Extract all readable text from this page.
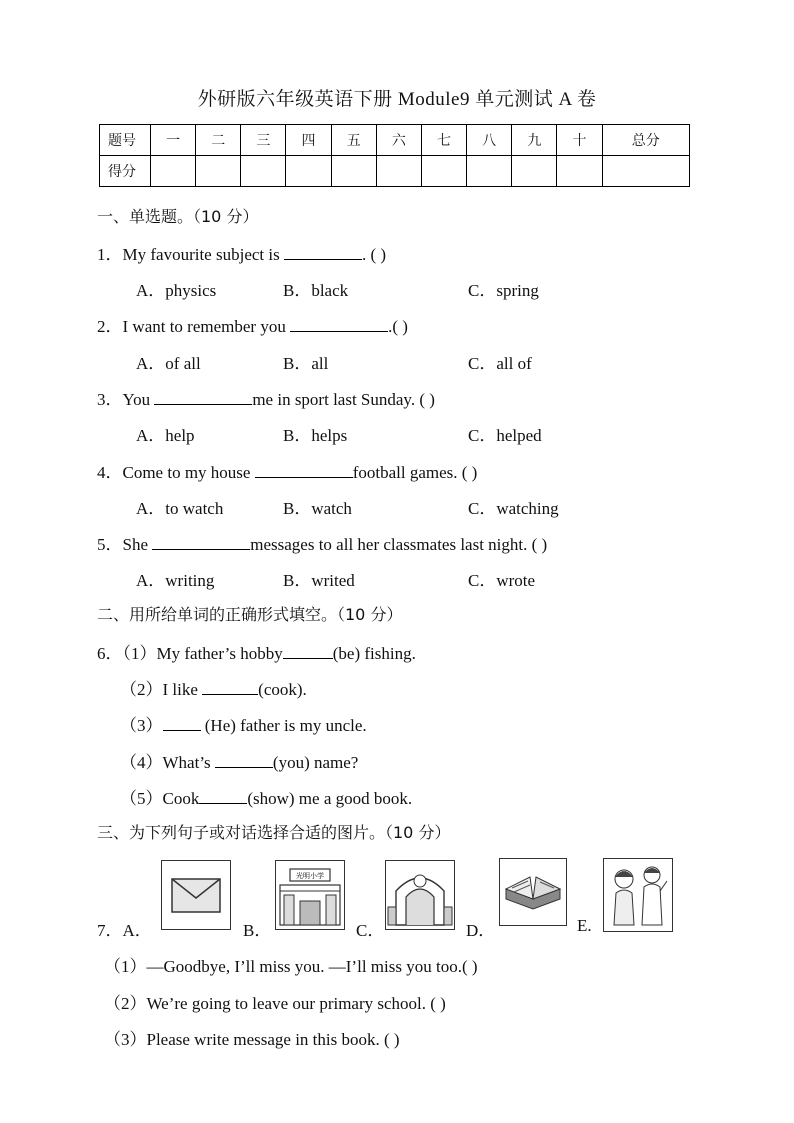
外研版六年级英语下册 Module9 单元测试 A 卷
题号	一	二	三	四	五	六	七	八	九	十	总分
得分											
一、单选题。（10 分）
1．My favourite subject is	. ( )
A．physics	B．black	C．spring
2．I want to remember you	.( )
A．of all	B．all	C．all of
3．You	me in sport last Sunday. ( )
A．help	B．helps	C．helped
4．Come to my house	football games. ( )
A．to watch	B．watch	C．watching
5．She	messages to all her classmates last night. ( )
A．writing	B．writed	C．wrote
二、用所给单词的正确形式填空。（10 分）
6．（1）My father’s hobby	(be) fishing.
（2）I like	(cook).
（3） (He) father is my uncle.
（4）What’s	(you) name?
（5）Cook	(show) me a good book.
三、为下列句子或对话选择合适的图片。（10 分）
7．A．	B．
光明小学
C．	D．	E.
（1）—Goodbye, I’ll miss you. —I’ll miss you too.( )
（2）We’re going to leave our primary school. ( )
（3）Please write message in this book. ( )
